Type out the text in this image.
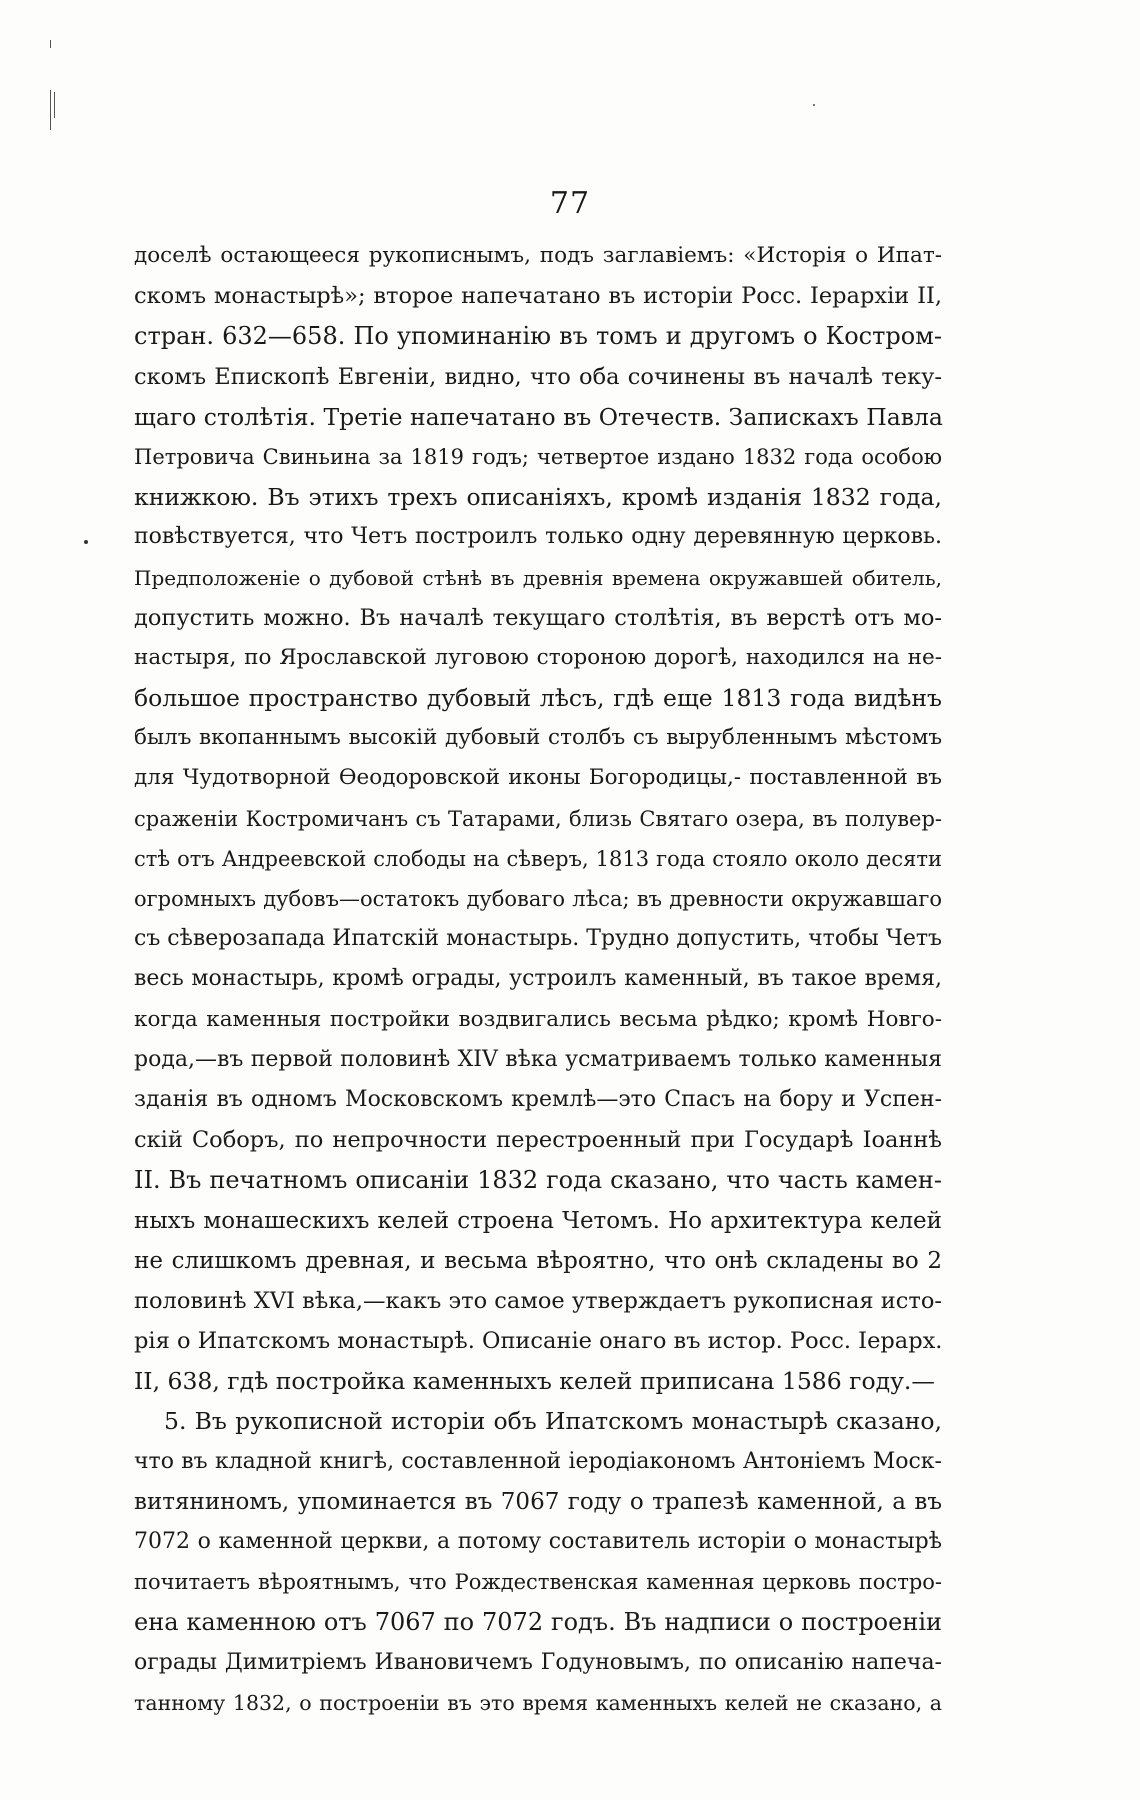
77
доселѣ остающееся рукописнымъ, подъ заглавіемъ: «Исторія о Ипат-
скомъ монастырѣ»; второе напечатано въ исторіи Росс. Іерархіи II,
стран. 632—658. По упоминанію въ томъ и другомъ о Костром-
скомъ Епископѣ Евгеніи, видно, что оба сочинены въ началѣ теку-
щаго столѣтія. Третіе напечатано въ Отечеств. Запискахъ Павла
Петровича Свиньина за 1819 годъ; четвертое издано 1832 года особою
книжкою. Въ этихъ трехъ описаніяхъ, кромѣ изданія 1832 года,
повѣствуется, что Четъ построилъ только одну деревянную церковь.
Предположеніе о дубовой стѣнѣ въ древнія времена окружавшей обитель,
допустить можно. Въ началѣ текущаго столѣтія, въ верстѣ отъ мо-
настыря, по Ярославской луговою стороною дорогѣ, находился на не-
большое пространство дубовый лѣсъ, гдѣ еще 1813 года видѣнъ
былъ вкопаннымъ высокій дубовый столбъ съ вырубленнымъ мѣстомъ
для Чудотворной Ѳеодоровской иконы Богородицы,- поставленной въ
сраженіи Костромичанъ съ Татарами, близь Святаго озера, въ полувер-
стѣ отъ Андреевской слободы на сѣверъ, 1813 года стояло около десяти
огромныхъ дубовъ—остатокъ дубоваго лѣса; въ древности окружавшаго
съ сѣверозапада Ипатскій монастырь. Трудно допустить, чтобы Четъ
весь монастырь, кромѣ ограды, устроилъ каменный, въ такое время,
когда каменныя постройки воздвигались весьма рѣдко; кромѣ Новго-
рода,—въ первой половинѣ XIV вѣка усматриваемъ только каменныя
зданія въ одномъ Московскомъ кремлѣ—это Спасъ на бору и Успен-
скій Соборъ, по непрочности перестроенный при Государѣ Іоаннѣ
II. Въ печатномъ описаніи 1832 года сказано, что часть камен-
ныхъ монашескихъ келей строена Четомъ. Но архитектура келей
не слишкомъ древная, и весьма вѣроятно, что онѣ складены во 2
половинѣ XVI вѣка,—какъ это самое утверждаетъ рукописная исто-
рія о Ипатскомъ монастырѣ. Описаніе онаго въ истор. Росс. Іерарх.
II, 638, гдѣ постройка каменныхъ келей приписана 1586 году.—
5. Въ рукописной исторіи объ Ипатскомъ монастырѣ сказано,
что въ кладной книгѣ, составленной іеродіакономъ Антоніемъ Моск-
витяниномъ, упоминается въ 7067 году о трапезѣ каменной, а въ
7072 о каменной церкви, а потому составитель исторіи о монастырѣ
почитаетъ вѣроятнымъ, что Рождественская каменная церковь постро-
ена каменною отъ 7067 по 7072 годъ. Въ надписи о построеніи
ограды Димитріемъ Ивановичемъ Годуновымъ, по описанію напеча-
танному 1832, о построеніи въ это время каменныхъ келей не сказано, а
